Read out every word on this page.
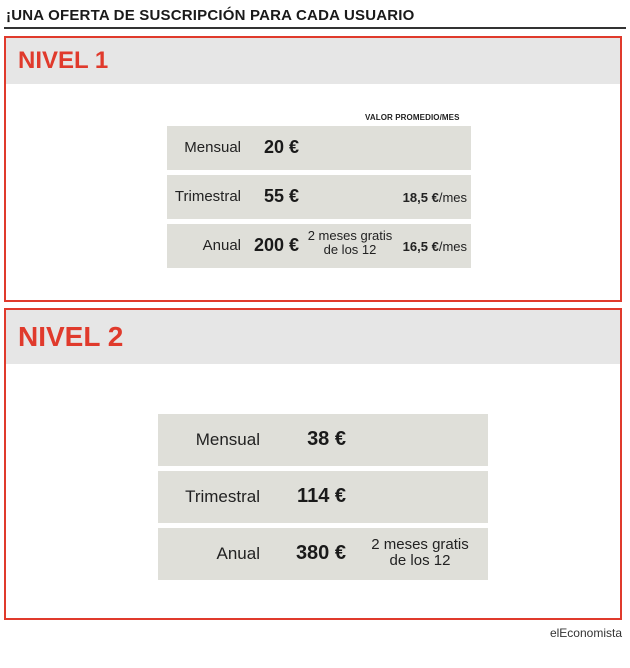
¡UNA OFERTA DE SUSCRIPCIÓN PARA CADA USUARIO
NIVEL 1
VALOR PROMEDIO/MES
Mensual 20 €
Trimestral 55 €	18,5 €/mes
Anual 200 € 2 meses gratis
de los 12	16,5 €/mes
NIVEL 2
Mensual 38 €
Trimestral 114 €
Anual 380 €	2 meses gratis
de los 12
elEconomista
